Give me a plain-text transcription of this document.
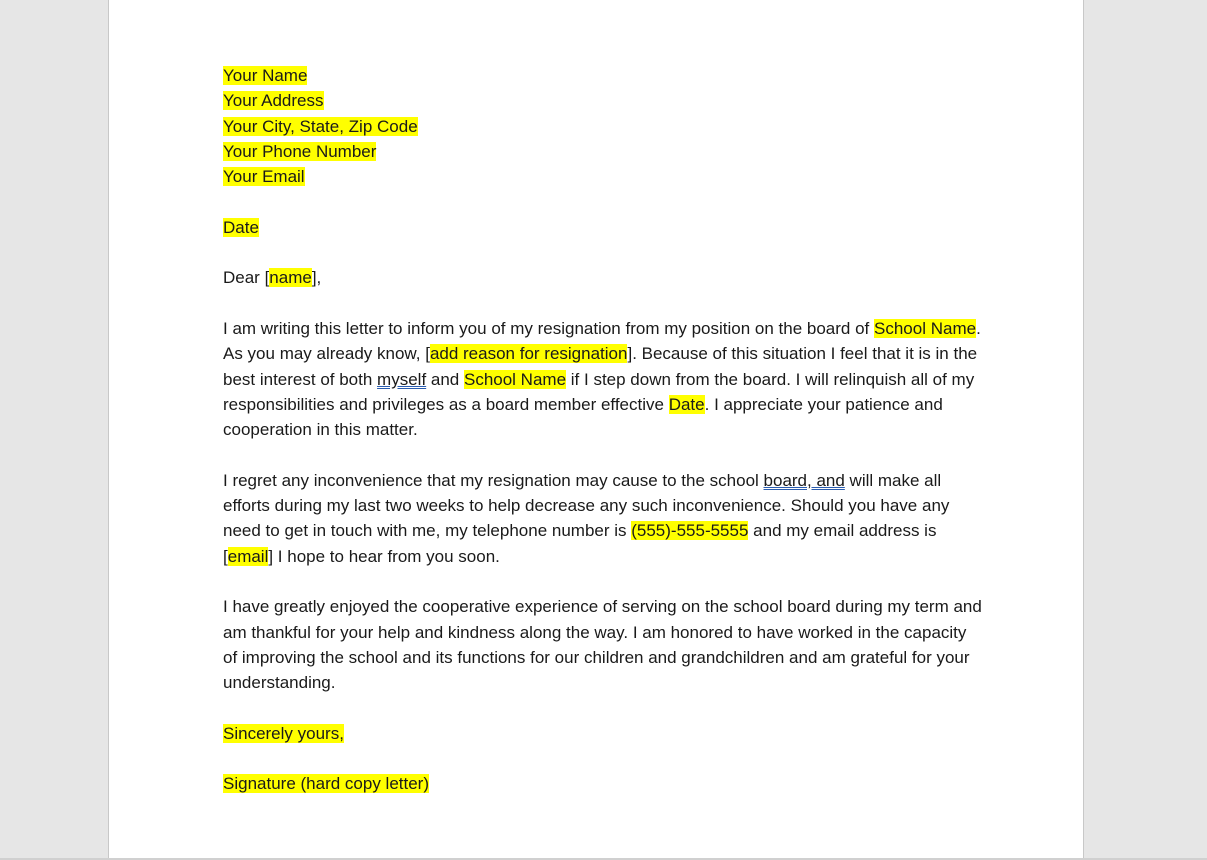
Your Name
Your Address
Your City, State, Zip Code
Your Phone Number
Your Email
Date
Dear [name],
I am writing this letter to inform you of my resignation from my position on the board of School Name. As you may already know, [add reason for resignation]. Because of this situation I feel that it is in the best interest of both myself and School Name if I step down from the board. I will relinquish all of my responsibilities and privileges as a board member effective Date. I appreciate your patience and cooperation in this matter.
I regret any inconvenience that my resignation may cause to the school board, and will make all efforts during my last two weeks to help decrease any such inconvenience. Should you have any need to get in touch with me, my telephone number is (555)-555-5555 and my email address is [email] I hope to hear from you soon.
I have greatly enjoyed the cooperative experience of serving on the school board during my term and am thankful for your help and kindness along the way. I am honored to have worked in the capacity of improving the school and its functions for our children and grandchildren and am grateful for your understanding.
Sincerely yours,
Signature (hard copy letter)
